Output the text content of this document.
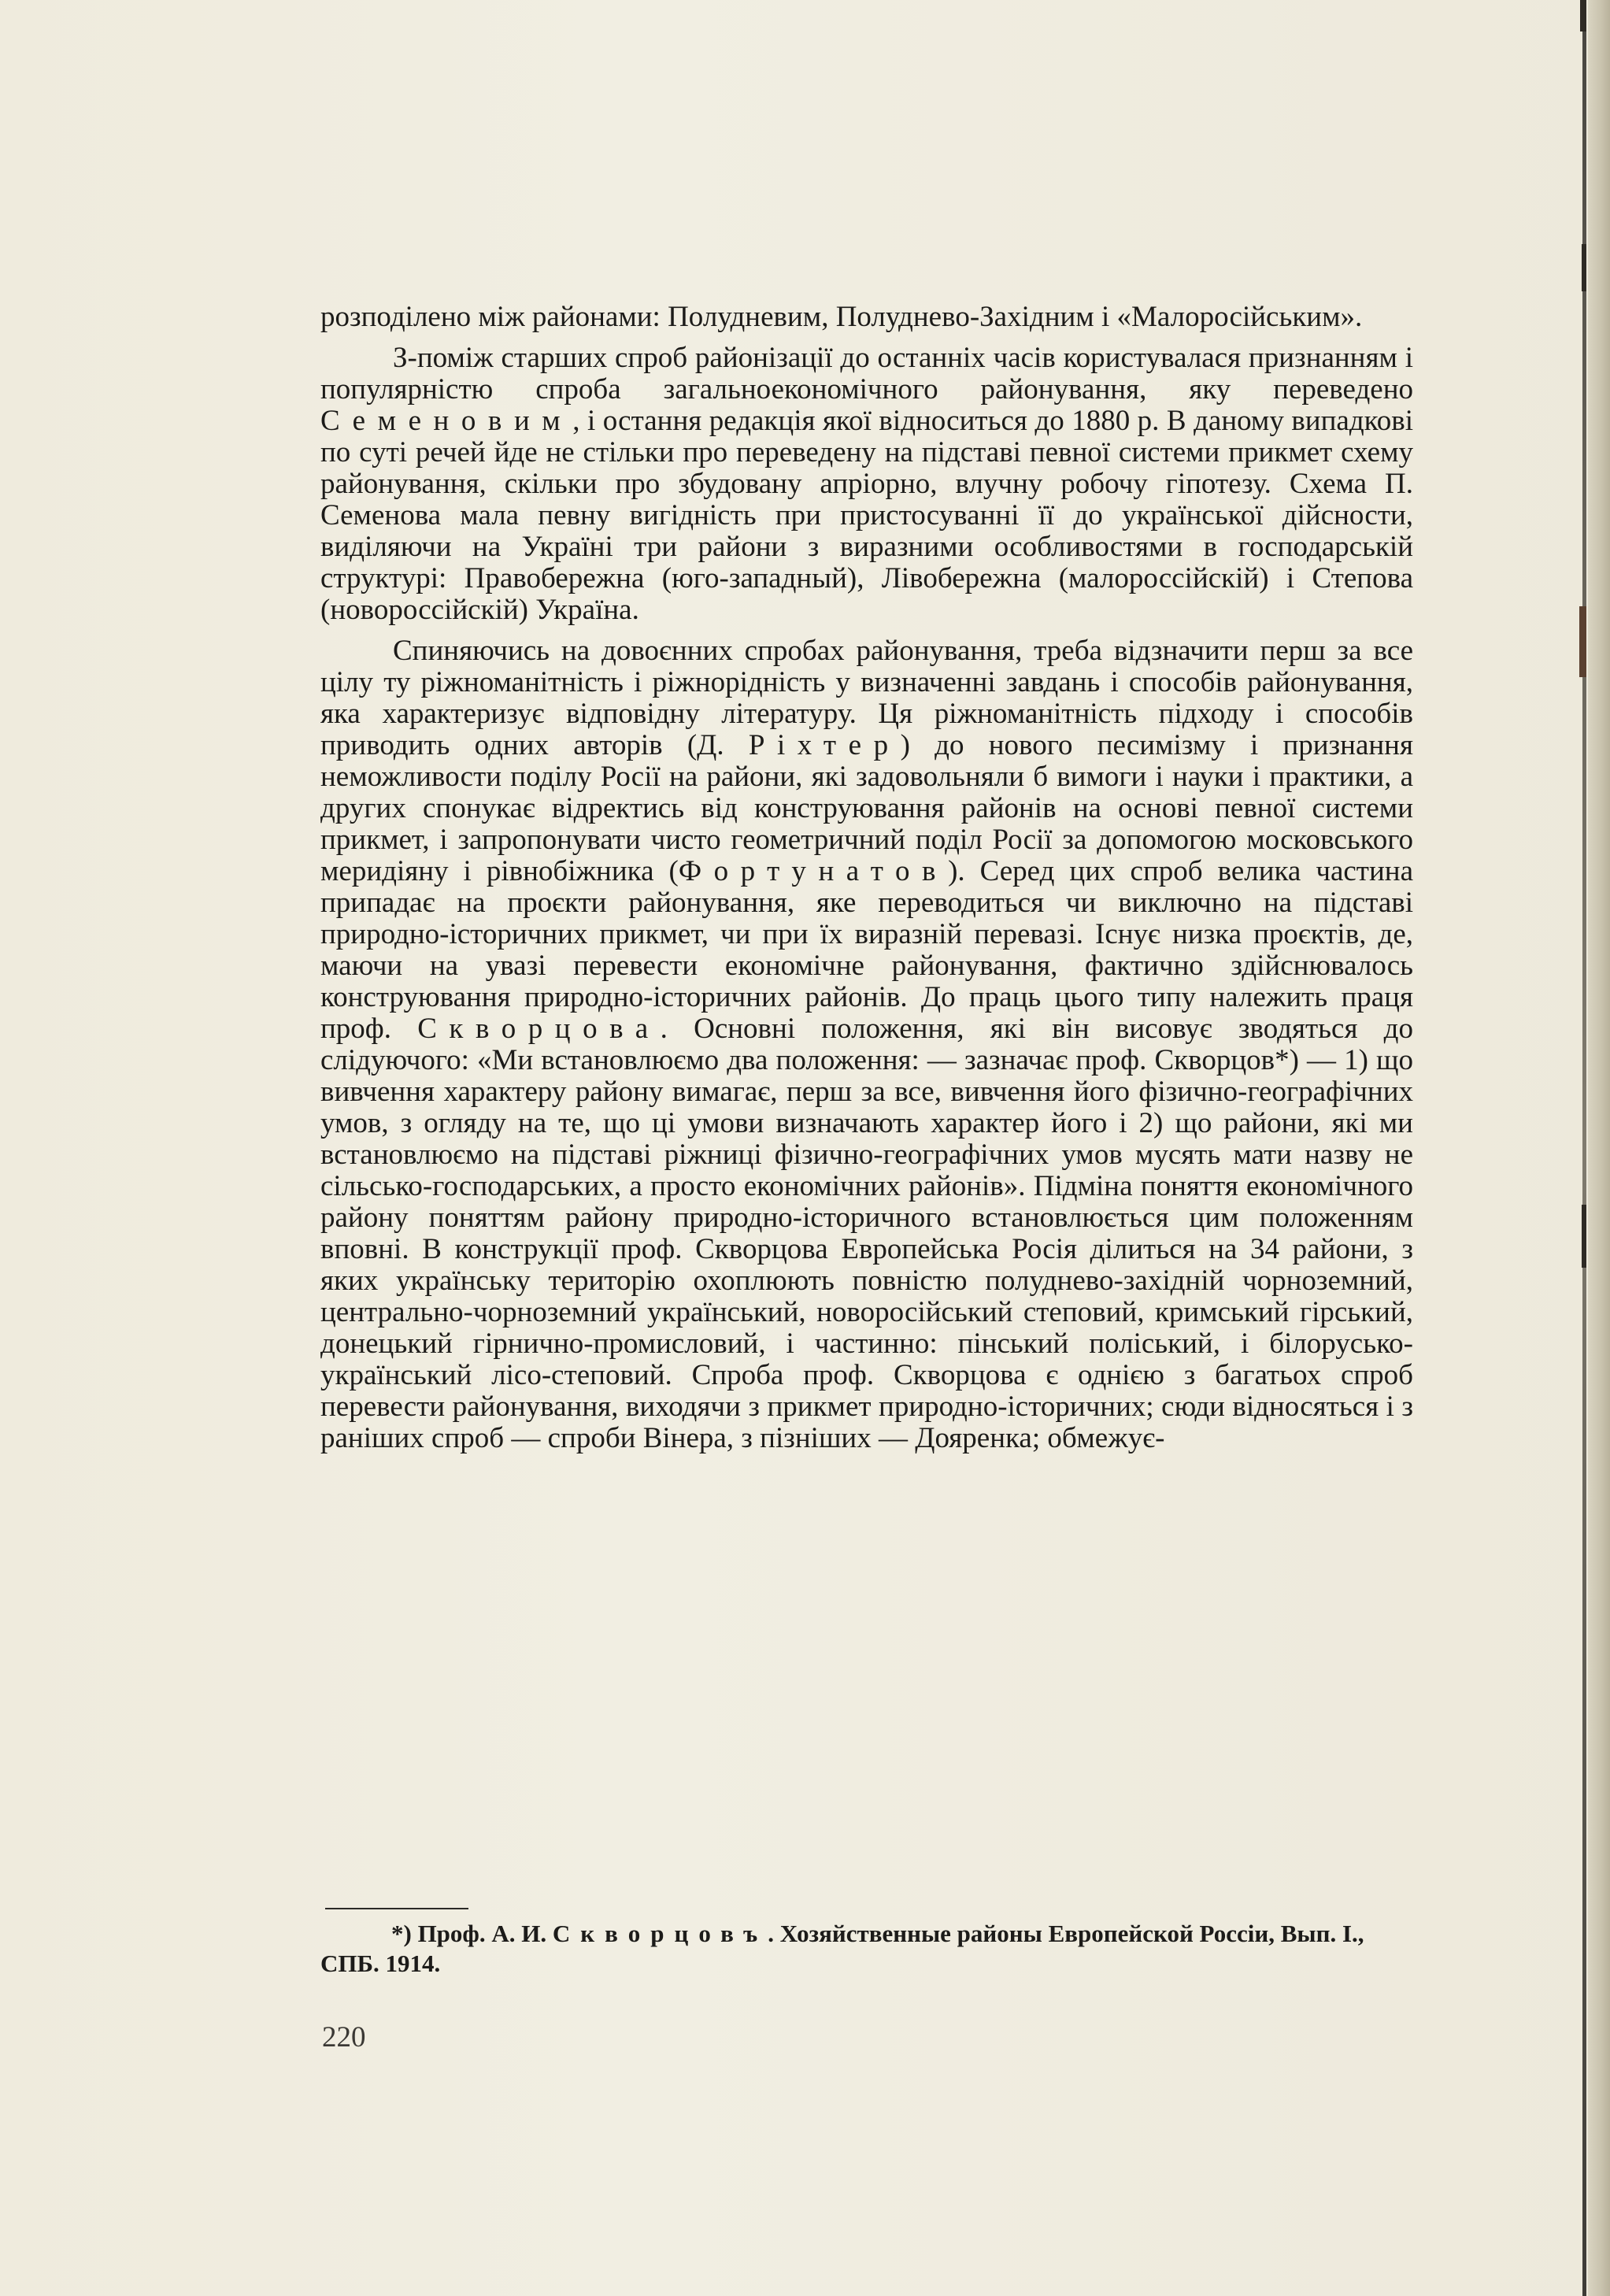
розподілено між районами: Полудневим, Полуднево-Західним і «Малоросійським».

З-поміж старших спроб районізації до останніх часів користувалася признанням і популярністю спроба загальноекономічного районування, яку переведено Семеновим, і остання редакція якої відноситься до 1880 р. В даному випадкові по суті речей йде не стільки про переведену на підставі певної системи прикмет схему районування, скільки про збудовану апріорно, влучну робочу гіпотезу. Схема П. Семенова мала певну вигідність при пристосуванні її до української дійсности, виділяючи на Україні три райони з виразними особливостями в господарській структурі: Правобережна (юго-западный), Лівобережна (малороссійскій) і Степова (новороссійскій) Україна.

Спиняючись на довоєнних спробах районування, треба відзначити перш за все цілу ту ріжноманітність і ріжнорідність у визначенні завдань і способів районування, яка характеризує відповідну літературу. Ця ріжноманітність підходу і способів приводить одних авторів (Д. Ріхтер) до нового песимізму і признання неможливости поділу Росії на райони, які задовольняли б вимоги і науки і практики, а других спонукає відректись від конструювання районів на основі певної системи прикмет, і запропонувати чисто геометричний поділ Росії за допомогою московського меридіяну і рівнобіжника (Фортунатов). Серед цих спроб велика частина припадає на проєкти районування, яке переводиться чи виключно на підставі природно-історичних прикмет, чи при їх виразній перевазі. Існує низка проєктів, де, маючи на увазі перевести економічне районування, фактично здійснювалось конструювання природно-історичних районів. До праць цього типу належить праця проф. Скворцова. Основні положення, які він висовує зводяться до слідуючого: «Ми встановлюємо два положення: — зазначає проф. Скворцов*) — 1) що вивчення характеру району вимагає, перш за все, вивчення його фізично-географічних умов, з огляду на те, що ці умови визначають характер його і 2) що райони, які ми встановлюємо на підставі ріжниці фізично-географічних умов мусять мати назву не сільсько-господарських, а просто економічних районів». Підміна поняття економічного району поняттям району природно-історичного встановлюється цим положенням вповні. В конструкції проф. Скворцова Европейська Росія ділиться на 34 райони, з яких українську територію охоплюють повністю полуднево-західній чорноземний, центрально-чорноземний український, новоросійський степовий, кримський гірський, донецький гірнично-промисловий, і частинно: пінський поліський, і білорусько-український лісо-степовий. Спроба проф. Скворцова є однією з багатьох спроб перевести районування, виходячи з прикмет природно-історичних; сюди відносяться і з раніших спроб — спроби Вінера, з пізніших — Доярeнка; обмежує-

*) Проф. А. И. Скворцовъ. Хозяйственные районы Европейской Россіи, Вып. І., СПБ. 1914.

220
